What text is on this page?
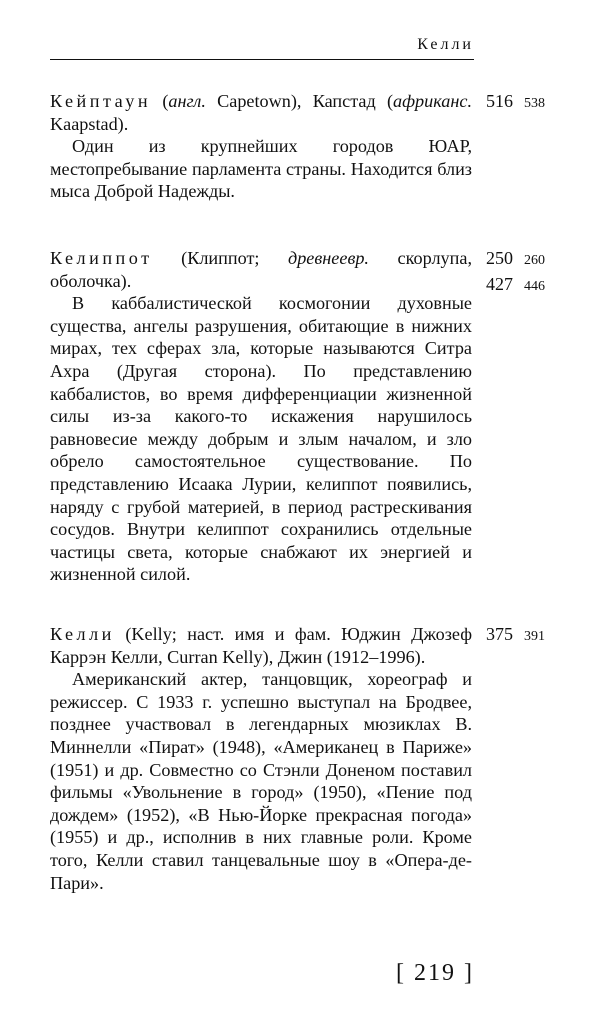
Келли

Кейптаун (англ. Capetown), Капстад (африканс. Kaapstad).

Один из крупнейших городов ЮАР, местопребывание парламента страны. Находится близ мыса Доброй Надежды.

516 538

Келиппот (Клиппот; древнеевр. скорлупа, оболочка).

В каббалистической космогонии духовные существа, ангелы разрушения, обитающие в нижних мирах, тех сферах зла, которые называются Ситра Ахра (Другая сторона). По представлению каббалистов, во время дифференциации жизненной силы из-за какого-то искажения нарушилось равновесие между добрым и злым началом, и зло обрело самостоятельное существование. По представлению Исаака Лурии, келиппот появились, наряду с грубой материей, в период растрескивания сосудов. Внутри келиппот сохранились отдельные частицы света, которые снабжают их энергией и жизненной силой.

250 260
427 446

Келли (Kelly; наст. имя и фам. Юджин Джозеф Каррэн Келли, Curran Kelly), Джин (1912–1996).

Американский актер, танцовщик, хореограф и режиссер. С 1933 г. успешно выступал на Бродвее, позднее участвовал в легендарных мюзиклах В. Миннелли «Пират» (1948), «Американец в Париже» (1951) и др. Совместно со Стэнли Доненом поставил фильмы «Увольнение в город» (1950), «Пение под дождем» (1952), «В Нью-Йорке прекрасная погода» (1955) и др., исполнив в них главные роли. Кроме того, Келли ставил танцевальные шоу в «Опера-де-Пари».

375 391
[ 219 ]
